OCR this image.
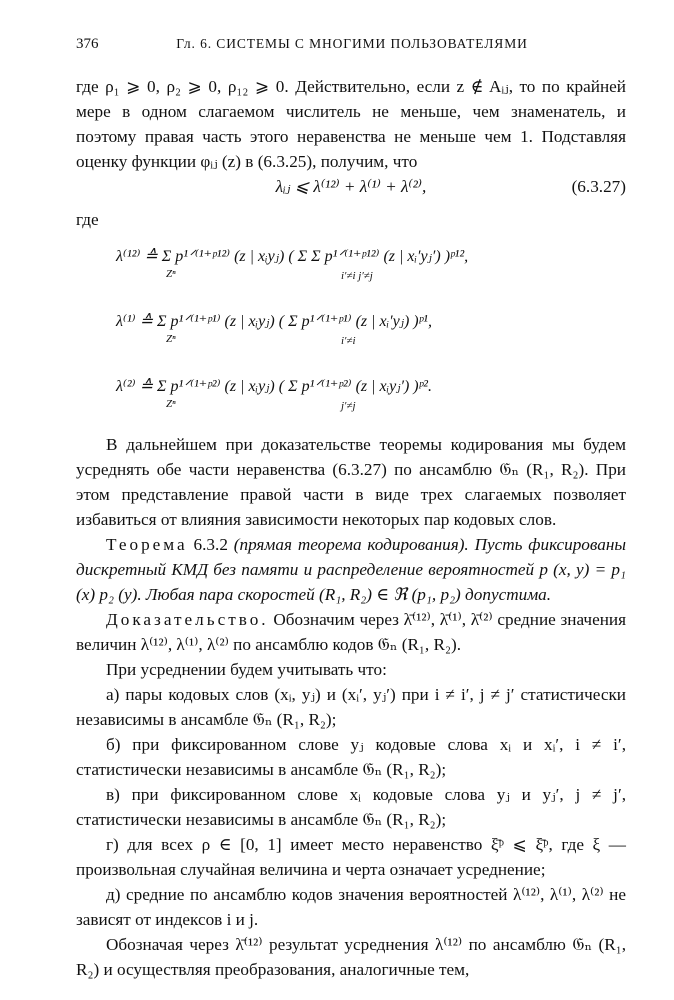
376	Гл. 6. СИСТЕМЫ С МНОГИМИ ПОЛЬЗОВАТЕЛЯМИ

где ρ₁ ⩾ 0, ρ₂ ⩾ 0, ρ₁₂ ⩾ 0. Действительно, если z ∉ Aᵢⱼ, то по крайней мере в одном слагаемом числитель не меньше, чем знаменатель, и поэтому правая часть этого неравенства не меньше чем 1. Подставляя оценку функции φᵢⱼ (z) в (6.3.25), получим, что

λᵢⱼ ⩽ λ⁽¹²⁾ + λ⁽¹⁾ + λ⁽²⁾,	(6.3.27)
где
λ⁽¹²⁾ ≙ Σ p¹ᐟ⁽¹⁺ᵖ¹²⁾ (z | xᵢyⱼ) ( Σ Σ p¹ᐟ⁽¹⁺ᵖ¹²⁾ (z | xᵢ′yⱼ′) )ᵖ¹²,
Zⁿ	i′≠i j′≠j
λ⁽¹⁾ ≙ Σ p¹ᐟ⁽¹⁺ᵖ¹⁾ (z | xᵢyⱼ) ( Σ p¹ᐟ⁽¹⁺ᵖ¹⁾ (z | xᵢ′yⱼ) )ᵖ¹,
Zⁿ	i′≠i
λ⁽²⁾ ≙ Σ p¹ᐟ⁽¹⁺ᵖ²⁾ (z | xᵢyⱼ) ( Σ p¹ᐟ⁽¹⁺ᵖ²⁾ (z | xᵢyⱼ′) )ᵖ².
Zⁿ	j′≠j

В дальнейшем при доказательстве теоремы кодирования мы будем усреднять обе части неравенства (6.3.27) по ансамблю 𝔊ₙ (R₁, R₂). При этом представление правой части в виде трех слагаемых позволяет избавиться от влияния зависимости некоторых пар кодовых слов.

Теорема 6.3.2 (прямая теорема кодирования). Пусть фиксированы дискретный КМД без памяти и распределение вероятностей p (x, y) = p₁ (x) p₂ (y). Любая пара скоростей (R₁, R₂) ∈ ℜ (p₁, p₂) допустима.

Доказательство. Обозначим через λ̄⁽¹²⁾, λ̄⁽¹⁾, λ̄⁽²⁾ средние значения величин λ⁽¹²⁾, λ⁽¹⁾, λ⁽²⁾ по ансамблю кодов 𝔊ₙ (R₁, R₂).

При усреднении будем учитывать что:

а) пары кодовых слов (xᵢ, yⱼ) и (xᵢ′, yⱼ′) при i ≠ i′, j ≠ j′ статистически независимы в ансамбле 𝔊ₙ (R₁, R₂);

б) при фиксированном слове yⱼ кодовые слова xᵢ и xᵢ′, i ≠ i′, статистически независимы в ансамбле 𝔊ₙ (R₁, R₂);

в) при фиксированном слове xᵢ кодовые слова yⱼ и yⱼ′, j ≠ j′, статистически независимы в ансамбле 𝔊ₙ (R₁, R₂);

г) для всех ρ ∈ [0, 1] имеет место неравенство ξ̄ᵖ ⩽ ξ̄ᵖ, где ξ — произвольная случайная величина и черта означает усреднение;

д) средние по ансамблю кодов значения вероятностей λ⁽¹²⁾, λ⁽¹⁾, λ⁽²⁾ не зависят от индексов i и j.

Обозначая через λ̄⁽¹²⁾ результат усреднения λ⁽¹²⁾ по ансамблю 𝔊ₙ (R₁, R₂) и осуществляя преобразования, аналогичные тем,
